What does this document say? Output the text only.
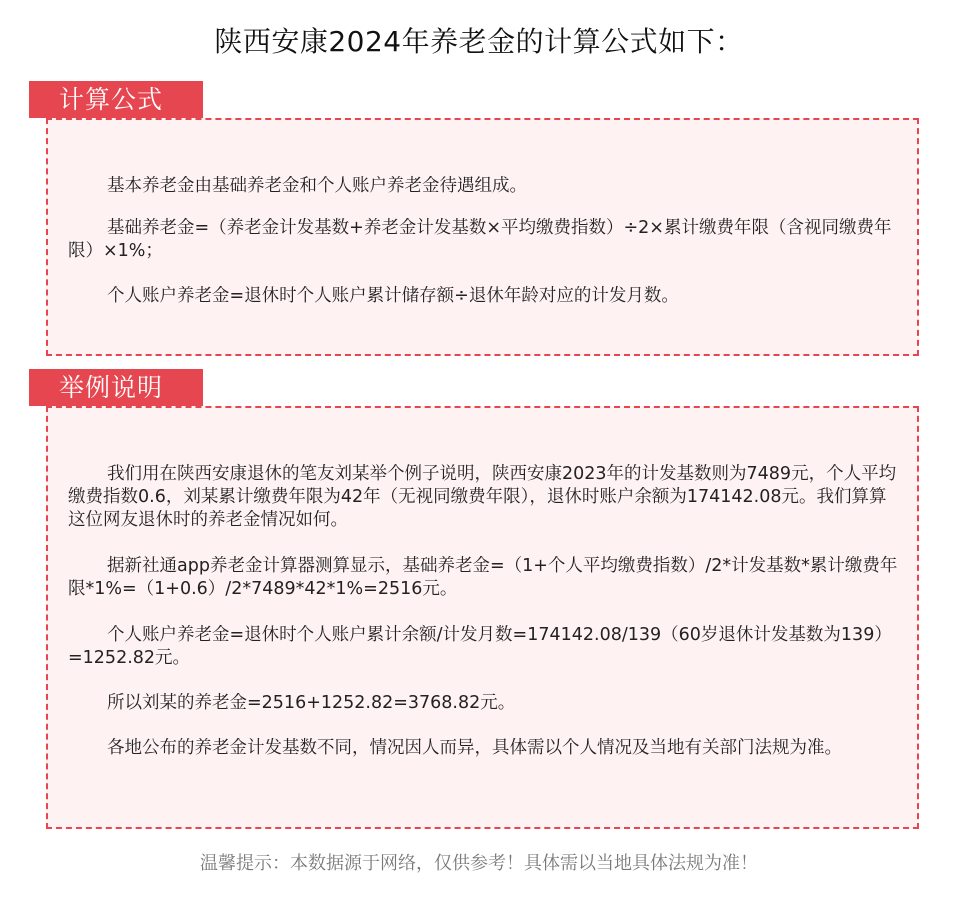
陕西安康2024年养老金的计算公式如下：
计算公式

基本养老金由基础养老金和个人账户养老金待遇组成。

基础养老金=（养老金计发基数+养老金计发基数×平均缴费指数）÷2×累计缴费年限（含视同缴费年限）×1%；

个人账户养老金=退休时个人账户累计储存额÷退休年龄对应的计发月数。

举例说明

我们用在陕西安康退休的笔友刘某举个例子说明，陕西安康2023年的计发基数则为7489元，个人平均缴费指数0.6，刘某累计缴费年限为42年（无视同缴费年限），退休时账户余额为174142.08元。我们算算这位网友退休时的养老金情况如何。

据新社通app养老金计算器测算显示，基础养老金=（1+个人平均缴费指数）/2*计发基数*累计缴费年限*1%=（1+0.6）/2*7489*42*1%=2516元。

个人账户养老金=退休时个人账户累计余额/计发月数=174142.08/139（60岁退休计发基数为139）=1252.82元。

所以刘某的养老金=2516+1252.82=3768.82元。

各地公布的养老金计发基数不同，情况因人而异，具体需以个人情况及当地有关部门法规为准。

温馨提示：本数据源于网络，仅供参考！具体需以当地具体法规为准！
